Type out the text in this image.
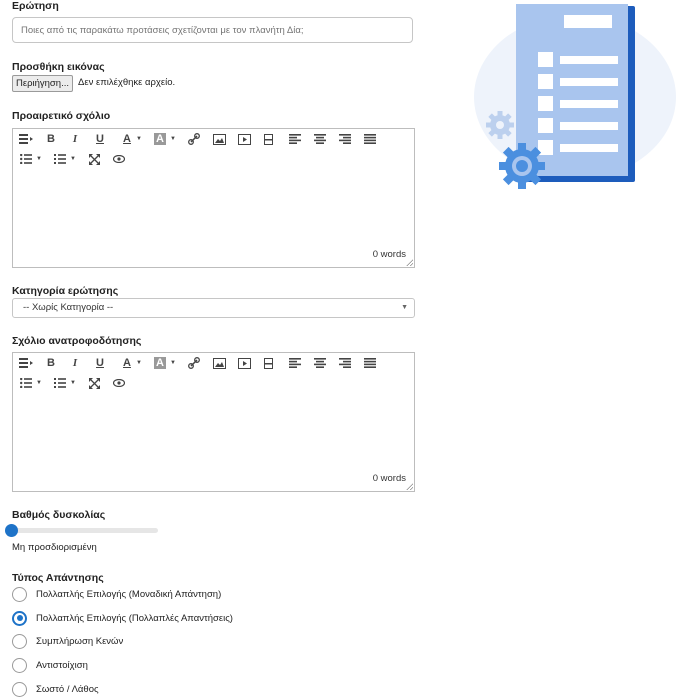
Ερώτηση
Ποιες από τις παρακάτω προτάσεις σχετίζονται με τον πλανήτη Δία;
Προσθήκη εικόνας
Περιήγηση... Δεν επιλέχθηκε αρχείο.
Προαιρετικό σχόλιο
B	I	U A ▼ A	▼
▼	▼
0 words
Κατηγορία ερώτησης
-- Χωρίς Κατηγορία --	▼
Σχόλιο ανατροφοδότησης
B	I	U A ▼ A	▼
▼	▼
0 words
Βαθμός δυσκολίας
Μη προσδιορισμένη
Τύπος Απάντησης
Πολλαπλής Επιλογής (Μοναδική Απάντηση)
Πολλαπλής Επιλογής (Πολλαπλές Απαντήσεις)
Συμπλήρωση Κενών
Αντιστοίχιση
Σωστό / Λάθος
